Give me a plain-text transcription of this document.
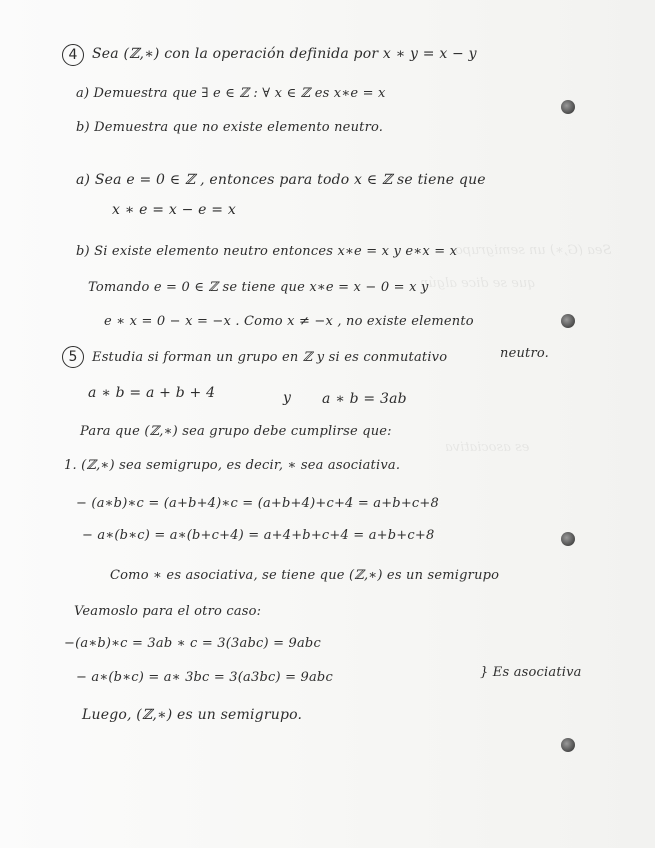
Sea (G,∗) un semigrupo
que se dice algún
es asociativa
4	Sea (ℤ,∗) con la operación definida por x ∗ y = x − y
a) Demuestra que ∃ e ∈ ℤ : ∀ x ∈ ℤ es x∗e = x
b) Demuestra que no existe elemento neutro.
a) Sea e = 0 ∈ ℤ , entonces para todo x ∈ ℤ se tiene que
x ∗ e = x − e = x
b) Si existe elemento neutro entonces x∗e = x y e∗x = x
Tomando e = 0 ∈ ℤ se tiene que x∗e = x − 0 = x y
e ∗ x = 0 − x = −x . Como x ≠ −x , no existe elemento
neutro.
5	Estudia si forman un grupo en ℤ y si es conmutativo
a ∗ b = a + b + 4	y a ∗ b = 3ab
Para que (ℤ,∗) sea grupo debe cumplirse que:
1. (ℤ,∗) sea semigrupo, es decir, ∗ sea asociativa.
− (a∗b)∗c = (a+b+4)∗c = (a+b+4)+c+4 = a+b+c+8
− a∗(b∗c) = a∗(b+c+4) = a+4+b+c+4 = a+b+c+8
Como ∗ es asociativa, se tiene que (ℤ,∗) es un semigrupo
Veamoslo para el otro caso:
−(a∗b)∗c = 3ab ∗ c = 3(3abc) = 9abc
− a∗(b∗c) = a∗ 3bc = 3(a3bc) = 9abc	} Es asociativa
Luego, (ℤ,∗) es un semigrupo.
